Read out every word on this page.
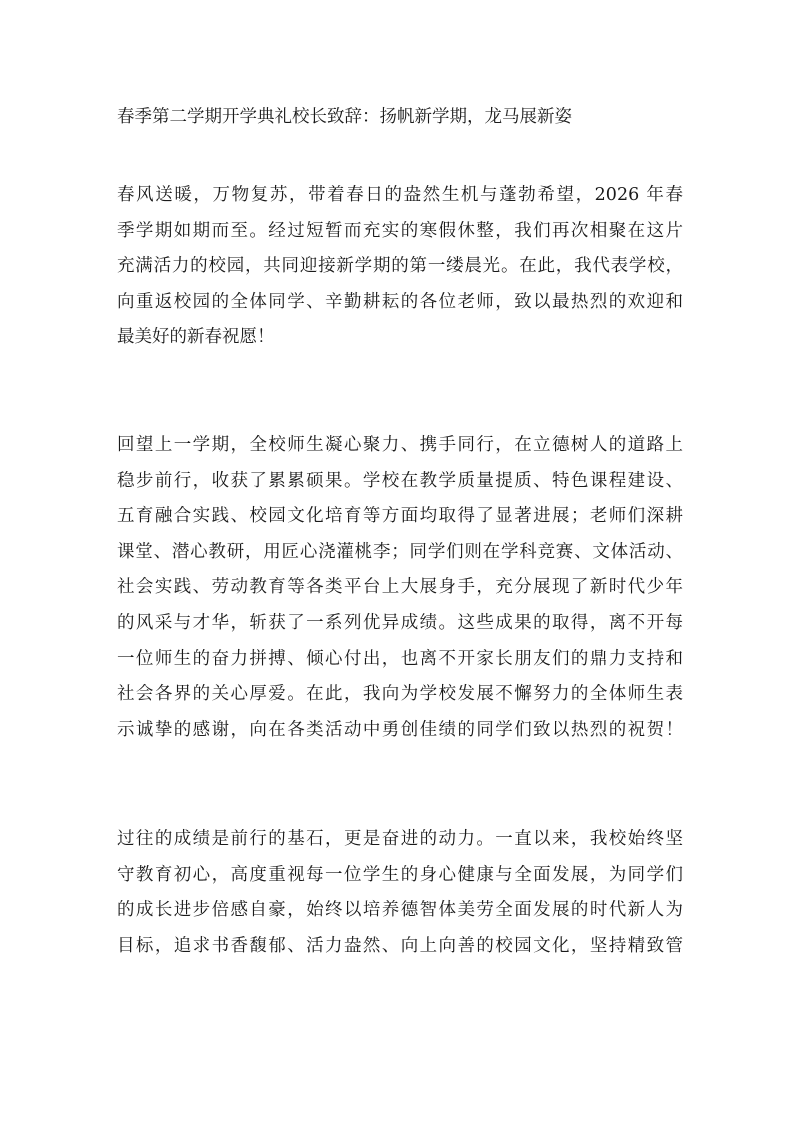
春季第二学期开学典礼校长致辞：扬帆新学期，龙马展新姿

春风送暖，万物复苏，带着春日的盎然生机与蓬勃希望，2026 年春
季学期如期而至。经过短暂而充实的寒假休整，我们再次相聚在这片
充满活力的校园，共同迎接新学期的第一缕晨光。在此，我代表学校，
向重返校园的全体同学、辛勤耕耘的各位老师，致以最热烈的欢迎和
最美好的新春祝愿！

回望上一学期，全校师生凝心聚力、携手同行，在立德树人的道路上
稳步前行，收获了累累硕果。学校在教学质量提质、特色课程建设、
五育融合实践、校园文化培育等方面均取得了显著进展；老师们深耕
课堂、潜心教研，用匠心浇灌桃李；同学们则在学科竞赛、文体活动、
社会实践、劳动教育等各类平台上大展身手，充分展现了新时代少年
的风采与才华，斩获了一系列优异成绩。这些成果的取得，离不开每
一位师生的奋力拼搏、倾心付出，也离不开家长朋友们的鼎力支持和
社会各界的关心厚爱。在此，我向为学校发展不懈努力的全体师生表
示诚挚的感谢，向在各类活动中勇创佳绩的同学们致以热烈的祝贺！

过往的成绩是前行的基石，更是奋进的动力。一直以来，我校始终坚
守教育初心，高度重视每一位学生的身心健康与全面发展，为同学们
的成长进步倍感自豪，始终以培养德智体美劳全面发展的时代新人为
目标，追求书香馥郁、活力盎然、向上向善的校园文化，坚持精致管
